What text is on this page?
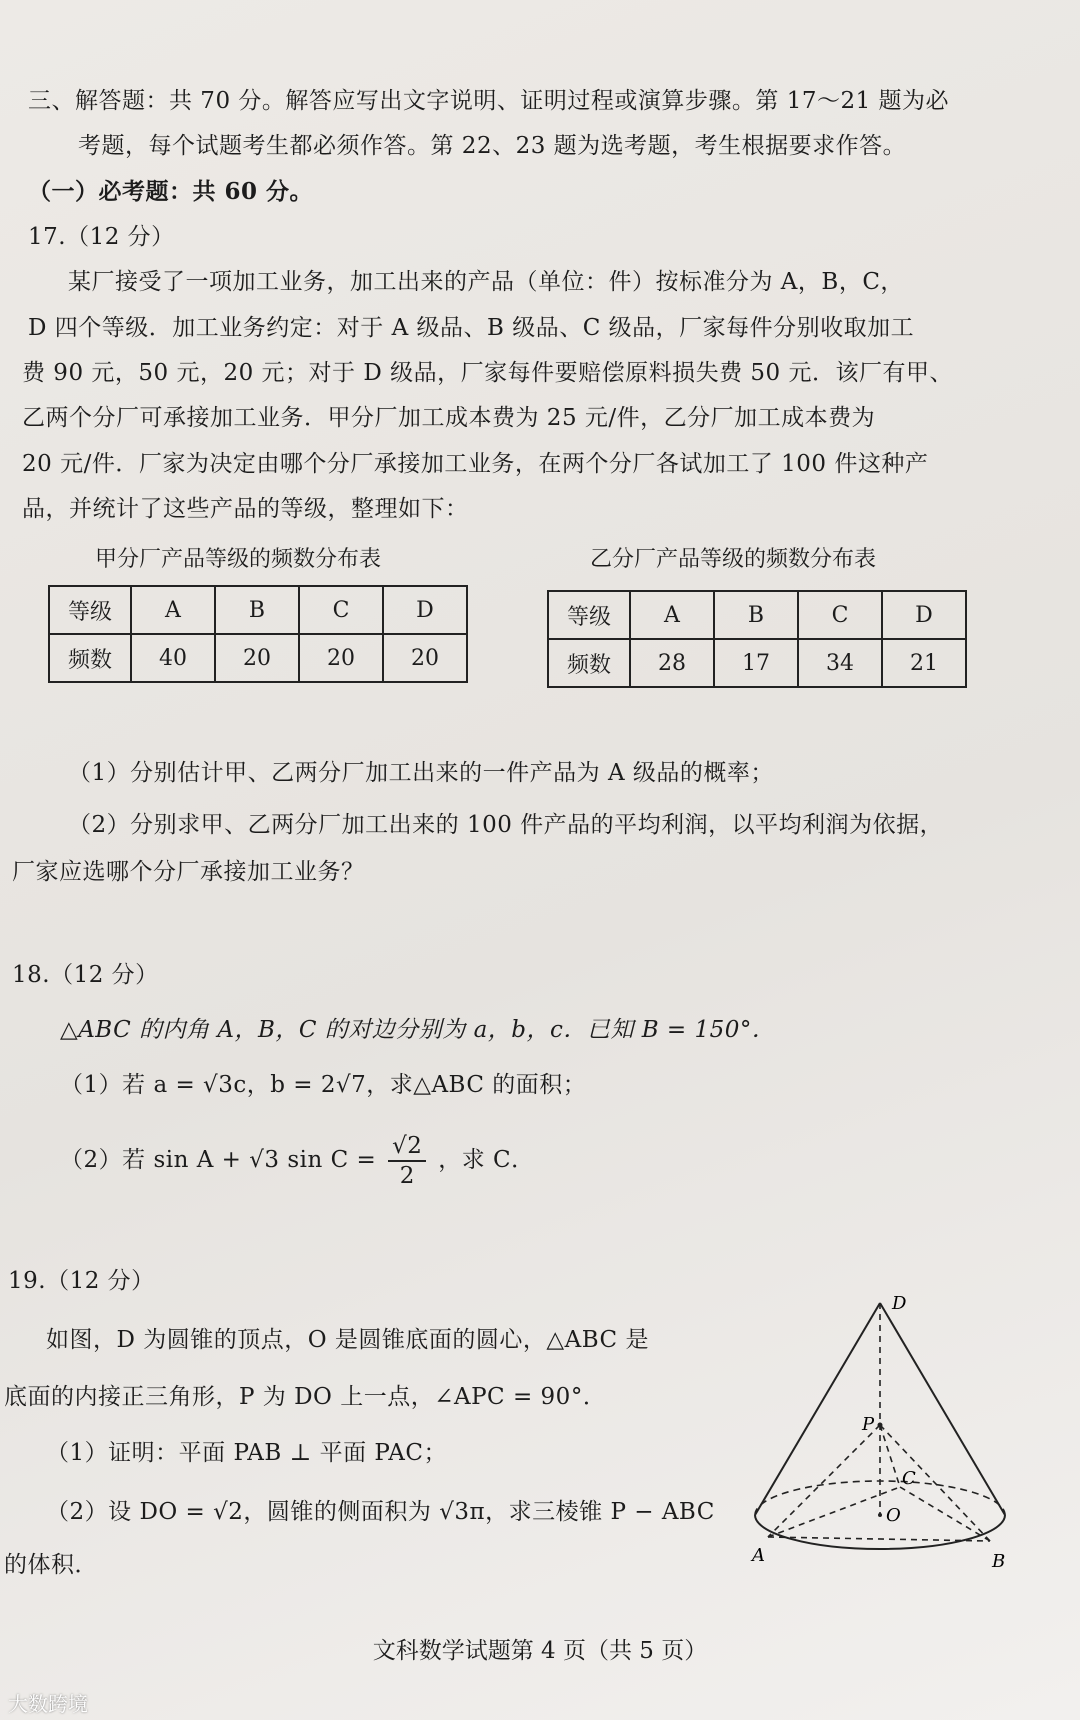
三、解答题：共 70 分。解答应写出文字说明、证明过程或演算步骤。第 17～21 题为必
考题，每个试题考生都必须作答。第 22、23 题为选考题，考生根据要求作答。
（一）必考题：共 60 分。
17.（12 分）
某厂接受了一项加工业务，加工出来的产品（单位：件）按标准分为 A，B，C，
D 四个等级．加工业务约定：对于 A 级品、B 级品、C 级品，厂家每件分别收取加工
费 90 元，50 元，20 元；对于 D 级品，厂家每件要赔偿原料损失费 50 元．该厂有甲、
乙两个分厂可承接加工业务．甲分厂加工成本费为 25 元/件，乙分厂加工成本费为
20 元/件．厂家为决定由哪个分厂承接加工业务，在两个分厂各试加工了 100 件这种产
品，并统计了这些产品的等级，整理如下：
甲分厂产品等级的频数分布表	乙分厂产品等级的频数分布表
等级	A	B	C	D
频数	40	20	20	20
等级	A	B	C	D
频数	28	17	34	21
（1）分别估计甲、乙两分厂加工出来的一件产品为 A 级品的概率；
（2）分别求甲、乙两分厂加工出来的 100 件产品的平均利润，以平均利润为依据，
厂家应选哪个分厂承接加工业务？
18.（12 分）
△ABC 的内角 A，B，C 的对边分别为 a，b，c．已知 B = 150°．
（1）若 a = √3c，b = 2√7，求△ABC 的面积；
（2）若 sin A + √3 $\sin C = \frac{√2}{2}$ ，求 C．
19.（12 分）
如图，D 为圆锥的顶点，O 是圆锥底面的圆心，△ABC 是
底面的内接正三角形，P 为 DO 上一点，∠APC = 90°．
（1）证明：平面 PAB ⊥ 平面 PAC；
（2）设 DO = √2，圆锥的侧面积为 √3π，求三棱锥 P − ABC
的体积．
D
P
C
O
A	B
文科数学试题第 4 页（共 5 页）
大数跨境
